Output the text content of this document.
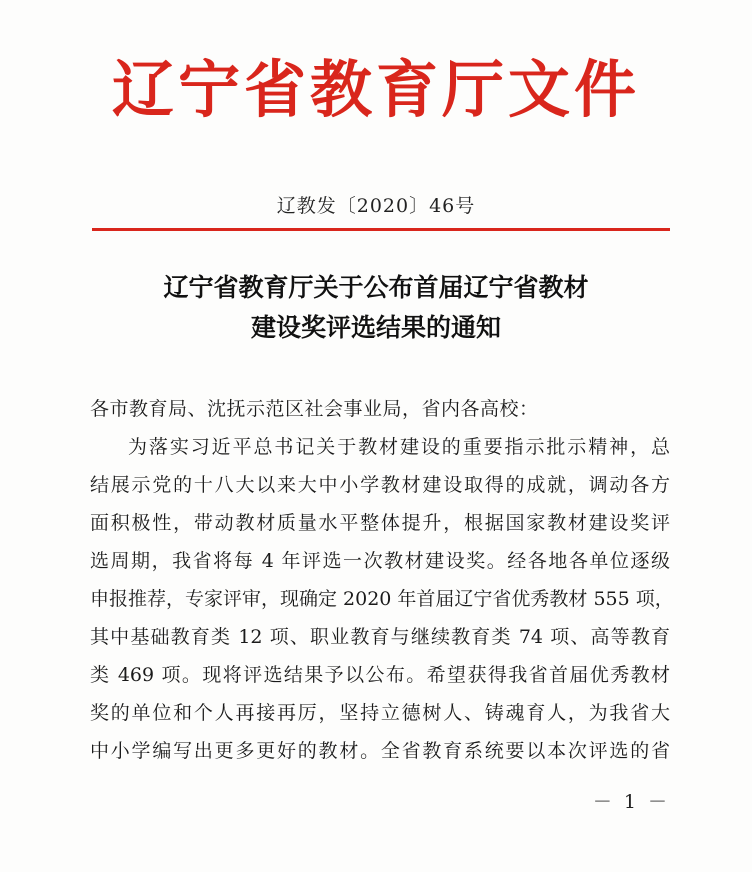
辽宁省教育厅文件
辽教发〔2020〕46号
辽宁省教育厅关于公布首届辽宁省教材
建设奖评选结果的通知

各市教育局、沈抚示范区社会事业局，省内各高校：

为落实习近平总书记关于教材建设的重要指示批示精神，总

结展示党的十八大以来大中小学教材建设取得的成就，调动各方

面积极性，带动教材质量水平整体提升，根据国家教材建设奖评

选周期，我省将每 4 年评选一次教材建设奖。经各地各单位逐级

申报推荐，专家评审，现确定 2020 年首届辽宁省优秀教材 555 项，

其中基础教育类 12 项、职业教育与继续教育类 74 项、高等教育

类 469 项。现将评选结果予以公布。希望获得我省首届优秀教材

奖的单位和个人再接再厉，坚持立德树人、铸魂育人，为我省大

中小学编写出更多更好的教材。全省教育系统要以本次评选的省

－ 1 －
